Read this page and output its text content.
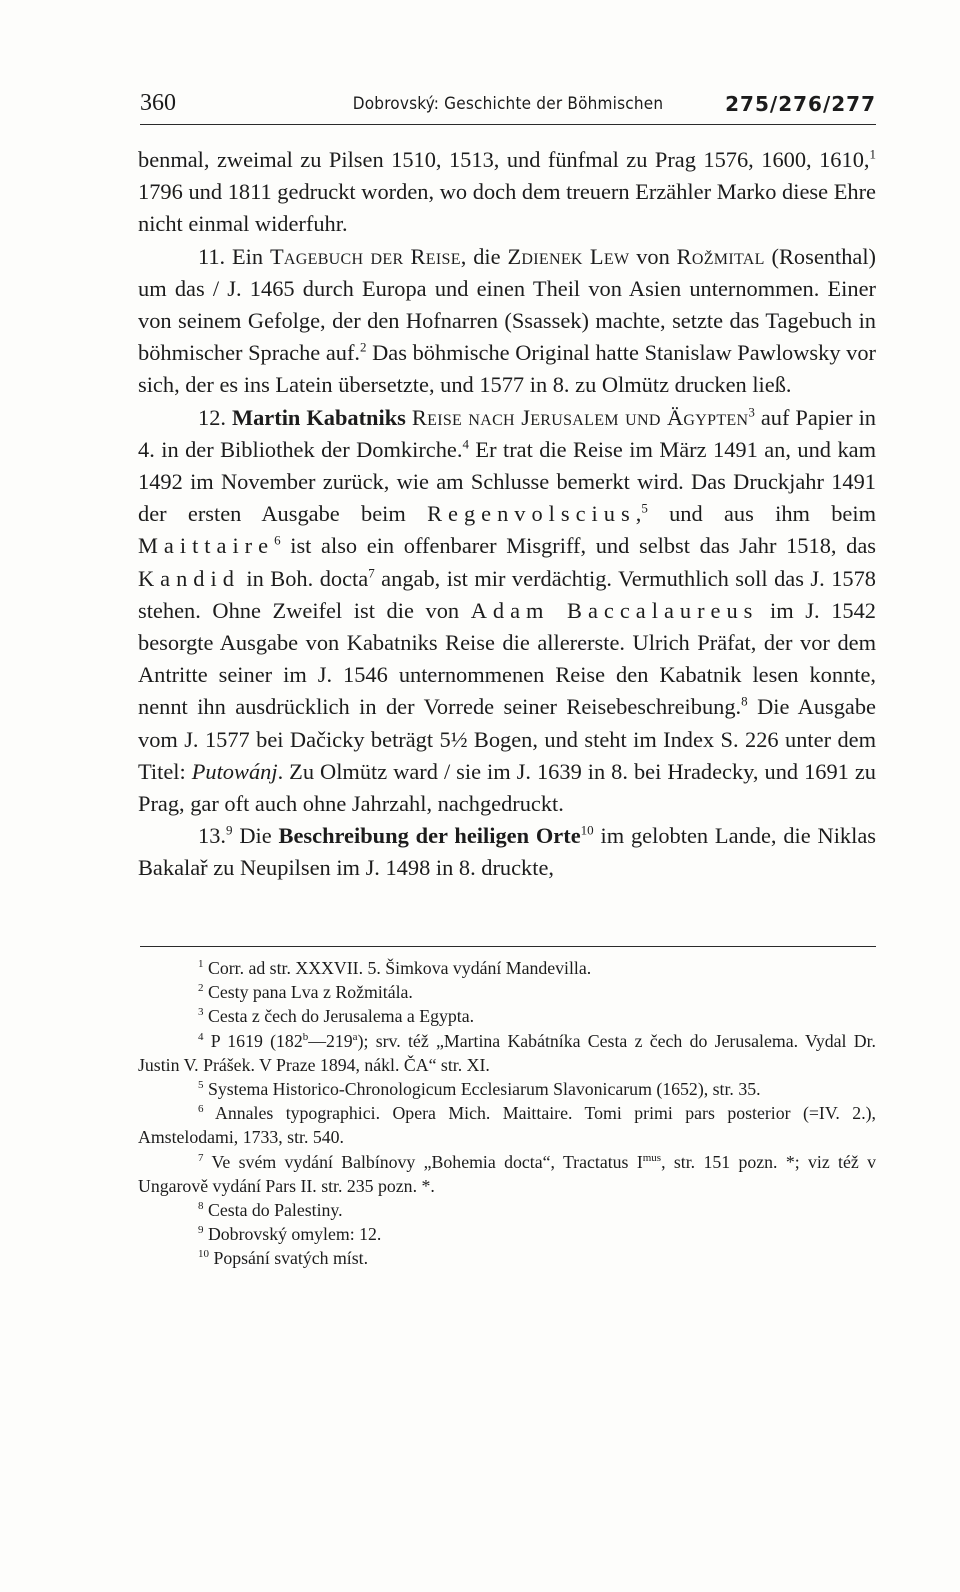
360	Dobrovský: Geschichte der Böhmischen	275/276/277

benmal, zweimal zu Pilsen 1510, 1513, und fünfmal zu Prag 1576, 1600, 1610,$^1$ 1796 und 1811 gedruckt worden, wo doch dem treuern Erzähler Marko diese Ehre nicht einmal widerfuhr.

11. Ein Tagebuch der Reise, die Zdienek Lew von Rožmital (Rosenthal) um das / J. 1465 durch Europa und einen Theil von Asien unternommen. Einer von seinem Gefolge, der den Hofnarren (Ssassek) machte, setzte das Tagebuch in böhmischer Sprache auf.$^2$ Das böhmische Original hatte Stanislaw Pawlowsky vor sich, der es ins Latein übersetzte, und 1577 in 8. zu Olmütz drucken ließ.

12. Martin Kabatniks Reise nach Jerusalem und Ägypten$^3$ auf Papier in 4. in der Bibliothek der Domkirche.$^4$ Er trat die Reise im März 1491 an, und kam 1492 im November zurück, wie am Schlusse bemerkt wird. Das Druckjahr 1491 der ersten Ausgabe beim Regenvolscius,$^5$ und aus ihm beim Maittaire$^6$ ist also ein offenbarer Misgriff, und selbst das Jahr 1518, das Kandid in Boh. docta$^7$ angab, ist mir verdächtig. Vermuthlich soll das J. 1578 stehen. Ohne Zweifel ist die von Adam Baccalaureus im J. 1542 besorgte Ausgabe von Kabatniks Reise die allererste. Ulrich Präfat, der vor dem Antritte seiner im J. 1546 unternommenen Reise den Kabatnik lesen konnte, nennt ihn ausdrücklich in der Vorrede seiner Reisebeschreibung.$^8$ Die Ausgabe vom J. 1577 bei Dačicky beträgt 5½ Bogen, und steht im Index S. 226 unter dem Titel: Putowánj. Zu Olmütz ward / sie im J. 1639 in 8. bei Hradecky, und 1691 zu Prag, gar oft auch ohne Jahrzahl, nachgedruckt.

13.$^9$ Die Beschreibung der heiligen Orte$^{10}$ im gelobten Lande, die Niklas Bakalař zu Neupilsen im J. 1498 in 8. druckte,

$^1$ Corr. ad str. XXXVII. 5. Šimkova vydání Mandevilla.

$^2$ Cesty pana Lva z Rožmitála.

$^3$ Cesta z čech do Jerusalema a Egypta.

$^4$ P 1619 (182$^b$—219$^a$); srv. též „Martina Kabátníka Cesta z čech do Jerusalema. Vydal Dr. Justin V. Prášek. V Praze 1894, nákl. ČA“ str. XI.

$^5$ Systema Historico-Chronologicum Ecclesiarum Slavonicarum (1652), str. 35.

$^6$ Annales typographici. Opera Mich. Maittaire. Tomi primi pars posterior (=IV. 2.), Amstelodami, 1733, str. 540.

$^7$ Ve svém vydání Balbínovy „Bohemia docta“, Tractatus $I^{mus}$, str. 151 pozn. *; viz též v Ungarově vydání Pars II. str. 235 pozn. *.

$^8$ Cesta do Palestiny.

$^9$ Dobrovský omylem: 12.

$^{10}$ Popsání svatých míst.
